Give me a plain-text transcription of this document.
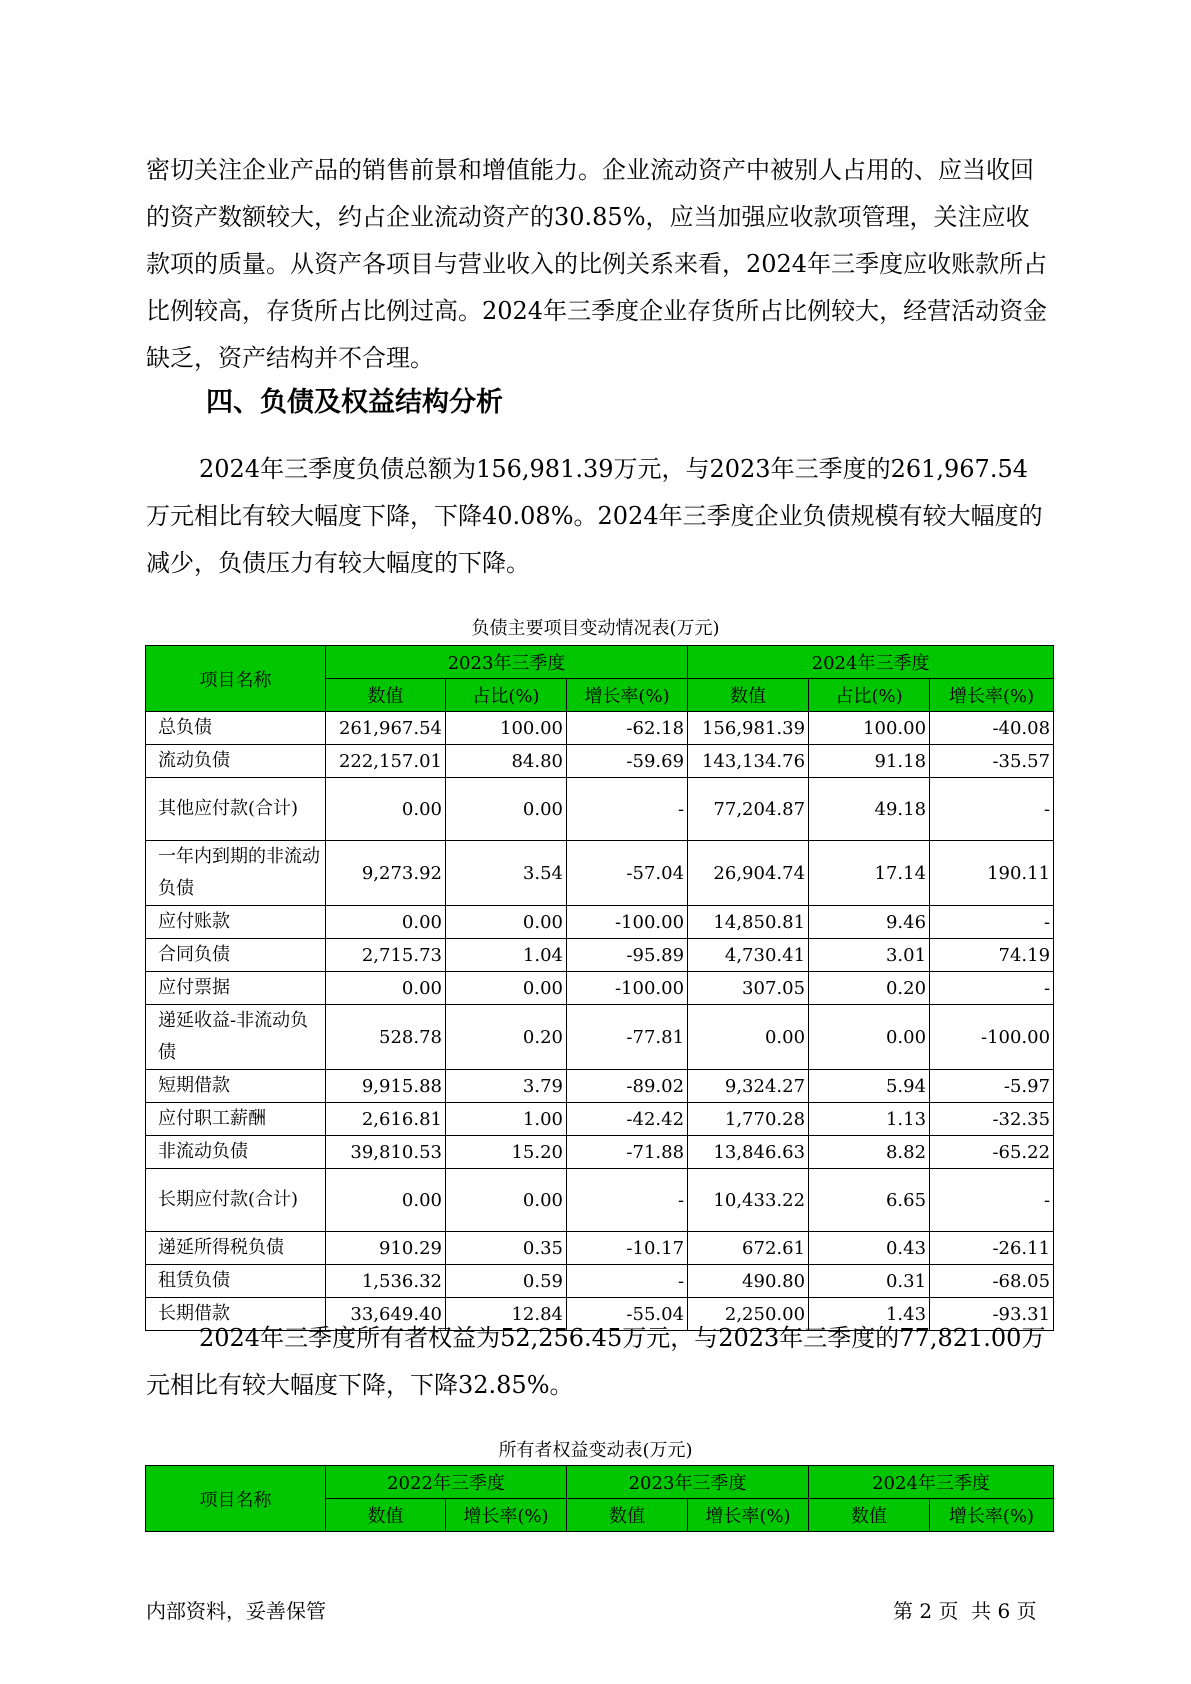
密切关注企业产品的销售前景和增值能力。企业流动资产中被别人占用的、应当收回的资产数额较大，约占企业流动资产的30.85%，应当加强应收款项管理，关注应收款项的质量。从资产各项目与营业收入的比例关系来看，2024年三季度应收账款所占比例较高，存货所占比例过高。2024年三季度企业存货所占比例较大，经营活动资金缺乏，资产结构并不合理。

四、负债及权益结构分析

2024年三季度负债总额为156,981.39万元，与2023年三季度的261,967.54万元相比有较大幅度下降，下降40.08%。2024年三季度企业负债规模有较大幅度的减少，负债压力有较大幅度的下降。

负债主要项目变动情况表(万元)

项目名称	2023年三季度			2024年三季度		
	数值	占比(%)	增长率(%)	数值	占比(%)	增长率(%)
总负债	261,967.54	100.00	-62.18	156,981.39	100.00	-40.08
流动负债	222,157.01	84.80	-59.69	143,134.76	91.18	-35.57
其他应付款(合计)	0.00	0.00	-	77,204.87	49.18	-
一年内到期的非流动负债	9,273.92	3.54	-57.04	26,904.74	17.14	190.11
应付账款	0.00	0.00	-100.00	14,850.81	9.46	-
合同负债	2,715.73	1.04	-95.89	4,730.41	3.01	74.19
应付票据	0.00	0.00	-100.00	307.05	0.20	-
递延收益-非流动负债	528.78	0.20	-77.81	0.00	0.00	-100.00
短期借款	9,915.88	3.79	-89.02	9,324.27	5.94	-5.97
应付职工薪酬	2,616.81	1.00	-42.42	1,770.28	1.13	-32.35
非流动负债	39,810.53	15.20	-71.88	13,846.63	8.82	-65.22
长期应付款(合计)	0.00	0.00	-	10,433.22	6.65	-
递延所得税负债	910.29	0.35	-10.17	672.61	0.43	-26.11
租赁负债	1,536.32	0.59	-	490.80	0.31	-68.05
长期借款	33,649.40	12.84	-55.04	2,250.00	1.43	-93.31

2024年三季度所有者权益为52,256.45万元，与2023年三季度的77,821.00万元相比有较大幅度下降，下降32.85%。

所有者权益变动表(万元)

项目名称	2022年三季度		2023年三季度		2024年三季度	
	数值	增长率(%)	数值	增长率(%)	数值	增长率(%)
内部资料，妥善保管	第 2 页  共 6 页
